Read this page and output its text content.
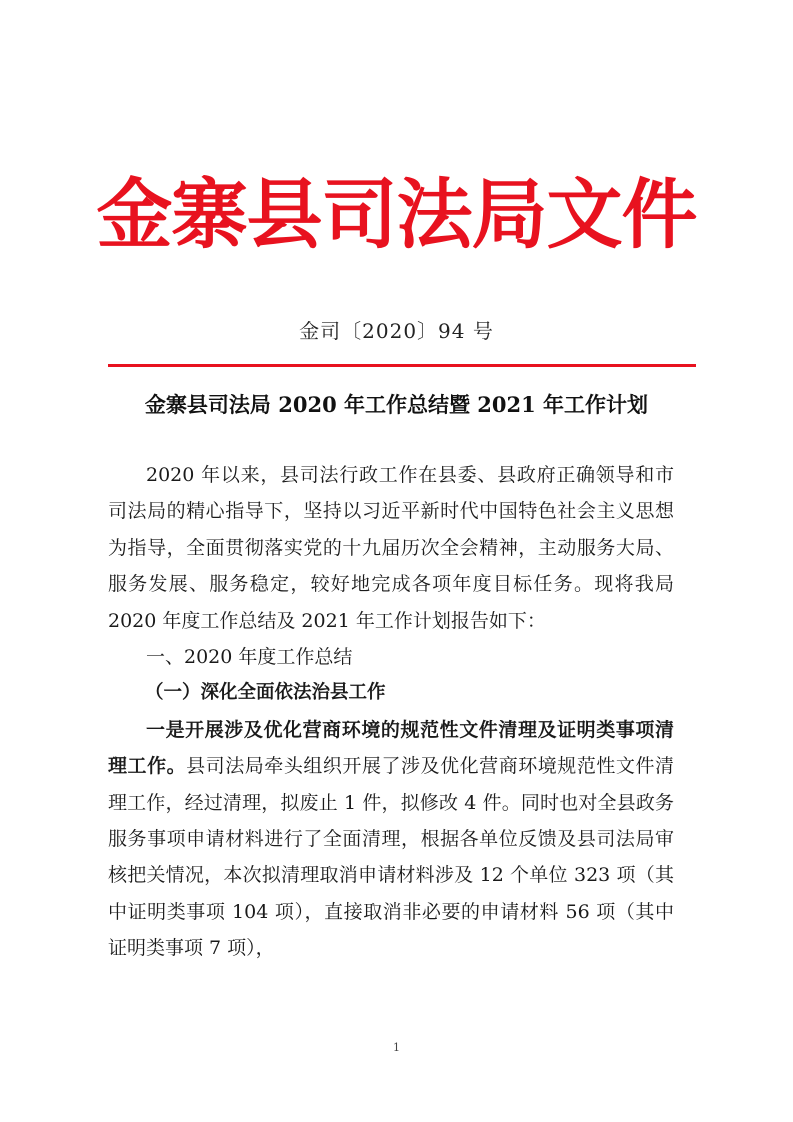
金寨县司法局文件
金司〔2020〕94 号
金寨县司法局 2020 年工作总结暨 2021 年工作计划

2020 年以来，县司法行政工作在县委、县政府正确领导和市司法局的精心指导下，坚持以习近平新时代中国特色社会主义思想为指导，全面贯彻落实党的十九届历次全会精神，主动服务大局、服务发展、服务稳定，较好地完成各项年度目标任务。现将我局 2020 年度工作总结及 2021 年工作计划报告如下：

一、2020 年度工作总结

（一）深化全面依法治县工作

一是开展涉及优化营商环境的规范性文件清理及证明类事项清理工作。县司法局牵头组织开展了涉及优化营商环境规范性文件清理工作，经过清理，拟废止 1 件，拟修改 4 件。同时也对全县政务服务事项申请材料进行了全面清理，根据各单位反馈及县司法局审核把关情况，本次拟清理取消申请材料涉及 12 个单位 323 项（其中证明类事项 104 项），直接取消非必要的申请材料 56 项（其中证明类事项 7 项），

1
